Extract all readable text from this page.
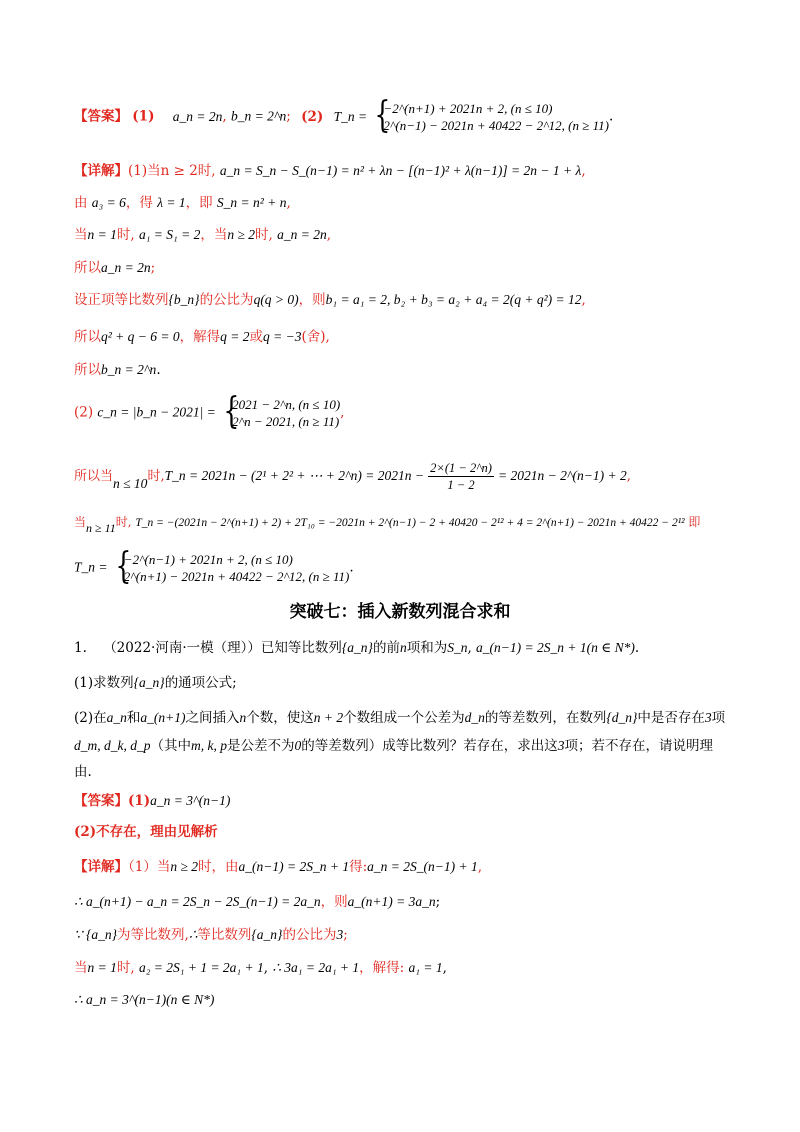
【答案】 (1) a_n = 2n, b_n = 2^n; (2) T_n = {
−2^(n+1) + 2021n + 2, (n ≤ 10)
2^(n−1) − 2021n + 40422 − 2^12, (n ≥ 11)
.
【详解】(1)当n ≥ 2时, a_n = S_n − S_(n−1) = n² + λn − [(n−1)² + λ(n−1)] = 2n − 1 + λ,
由 a₃ = 6，得 λ = 1，即 S_n = n² + n,
当n = 1时, a₁ = S₁ = 2，当n ≥ 2时, a_n = 2n,
所以a_n = 2n;
设正项等比数列{b_n}的公比为q(q > 0)，则b₁ = a₁ = 2, b₂ + b₃ = a₂ + a₄ = 2(q + q²) = 12,
所以q² + q − 6 = 0，解得q = 2或q = −3(舍),
所以b_n = 2^n.
(2) c_n = |b_n − 2021| = {
2021 − 2^n, (n ≤ 10)
2^n − 2021, (n ≥ 11)
,
所以当n ≤ 10时,T_n = 2021n − (2¹ + 2² + ⋯ + 2^n) = $2021n - \frac{2\times(1 - 2\^{}n)}{1 - 2} = 2021n$ − 2^(n−1) + 2,
当n ≥ 11时, T_n = −(2021n − 2^(n+1) + 2) + 2T₁₀ = −2021n + 2^(n−1) − 2 + 40420 − 2¹² + 4 = 2^(n+1) − 2021n + 40422 − 2¹² 即
T_n = {
−2^(n−1) + 2021n + 2, (n ≤ 10)
2^(n+1) − 2021n + 40422 − 2^12, (n ≥ 11)
.
突破七：插入新数列混合求和
1. （2022·河南·一模（理））已知等比数列{a_n}的前n项和为S_n, a_(n−1) = 2S_n + 1(n ∈ N*).
(1)求数列{a_n}的通项公式;
(2)在a_n和a_(n+1)之间插入n个数，使这n + 2个数组成一个公差为d_n的等差数列，在数列{d_n}中是否存在3项
d_m, d_k, d_p（其中m, k, p是公差不为0的等差数列）成等比数列？若存在，求出这3项；若不存在，请说明理
由.
【答案】(1)a_n = 3^(n−1)
(2)不存在，理由见解析
【详解】（1）当n ≥ 2时，由a_(n−1) = 2S_n + 1得:a_n = 2S_(n−1) + 1,
∴ a_(n+1) − a_n = 2S_n − 2S_(n−1) = 2a_n，则a_(n+1) = 3a_n;
∵ {a_n}为等比数列,∴等比数列{a_n}的公比为3;
当n = 1时, a₂ = 2S₁ + 1 = 2a₁ + 1, ∴ 3a₁ = 2a₁ + 1，解得: a₁ = 1,
∴ a_n = 3^(n−1)(n ∈ N*)
